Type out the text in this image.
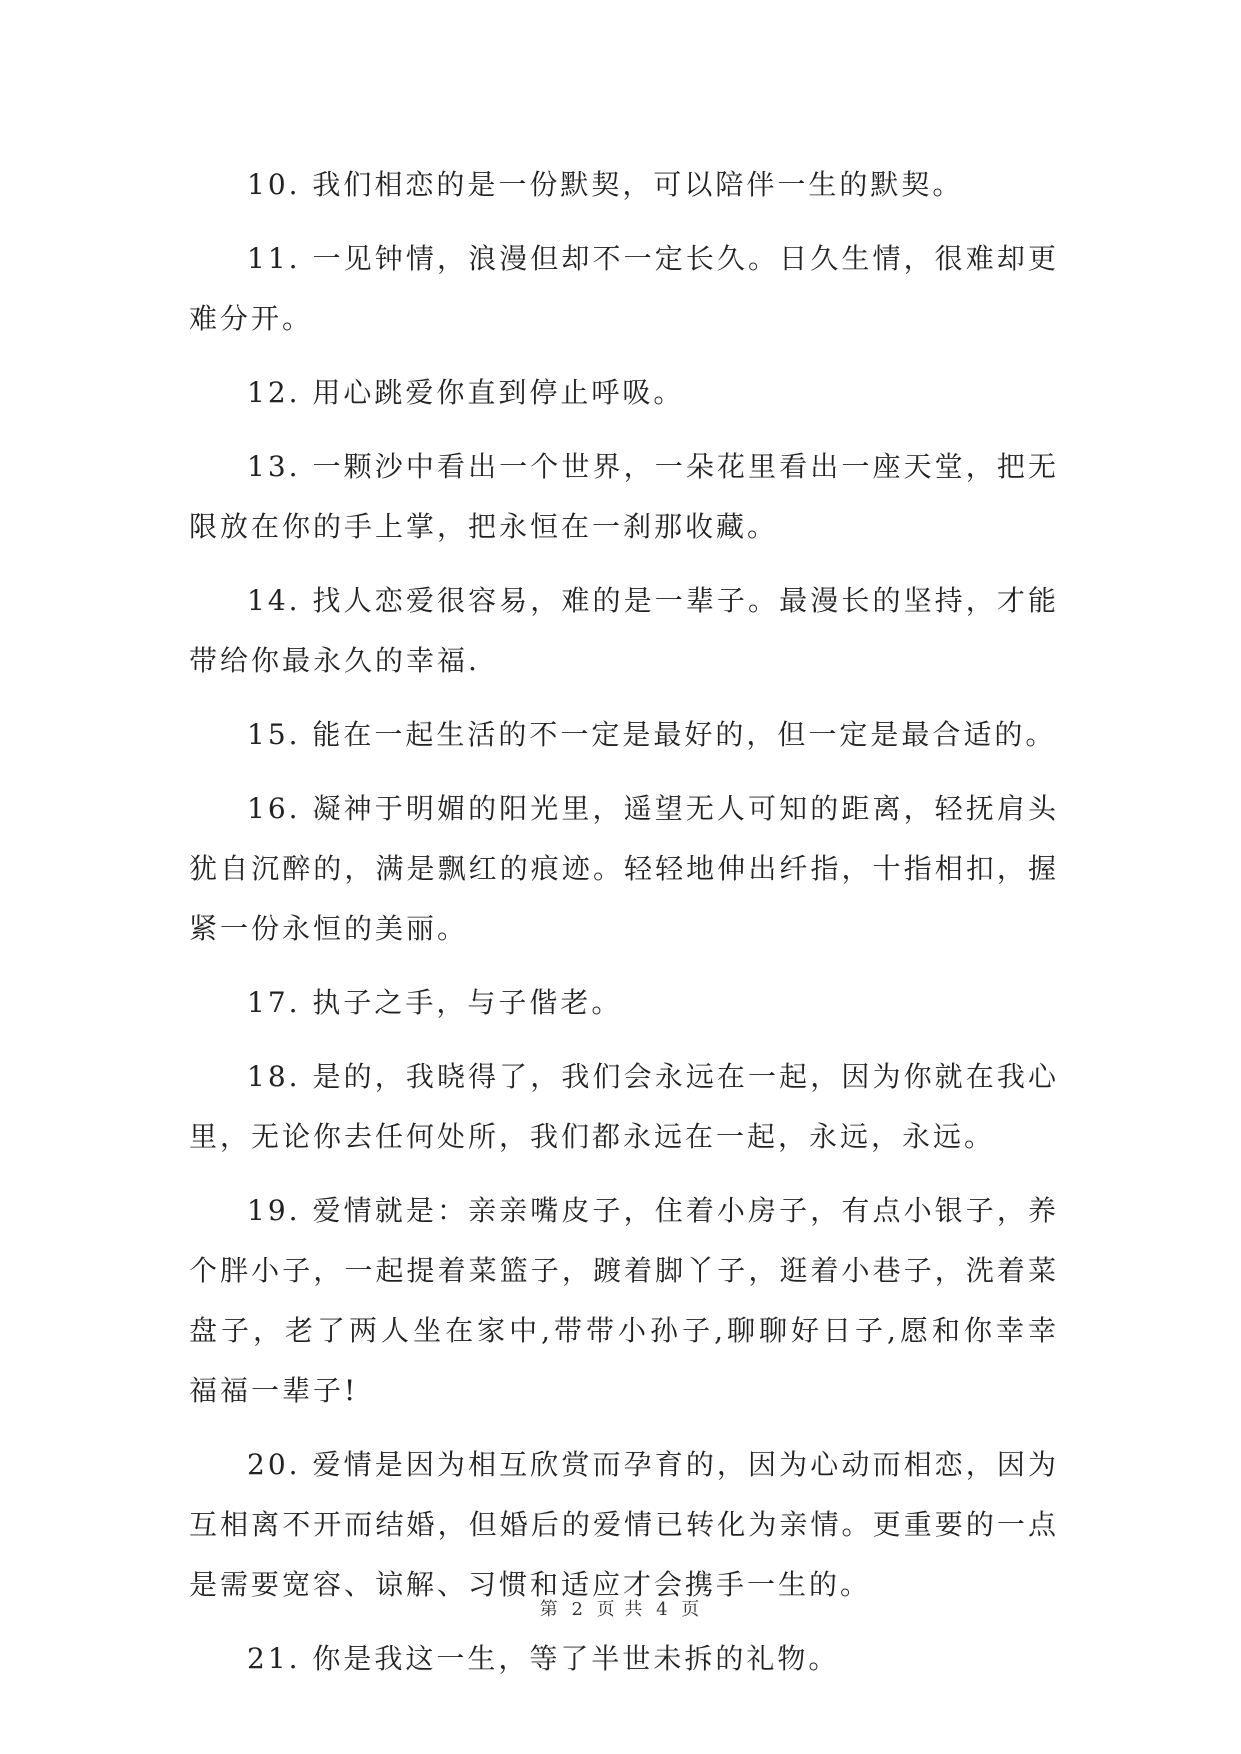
10. 我们相恋的是一份默契，可以陪伴一生的默契。

11. 一见钟情，浪漫但却不一定长久。日久生情，很难却更难分开。

12. 用心跳爱你直到停止呼吸。

13. 一颗沙中看出一个世界，一朵花里看出一座天堂，把无限放在你的手上掌，把永恒在一刹那收藏。

14. 找人恋爱很容易，难的是一辈子。最漫长的坚持，才能带给你最永久的幸福.

15. 能在一起生活的不一定是最好的，但一定是最合适的。

16. 凝神于明媚的阳光里，遥望无人可知的距离，轻抚肩头犹自沉醉的，满是飘红的痕迹。轻轻地伸出纤指，十指相扣，握紧一份永恒的美丽。

17. 执子之手，与子偕老。

18. 是的，我晓得了，我们会永远在一起，因为你就在我心里，无论你去任何处所，我们都永远在一起，永远，永远。

19. 爱情就是：亲亲嘴皮子，住着小房子，有点小银子，养个胖小子，一起提着菜篮子，踱着脚丫子，逛着小巷子，洗着菜盘子，老了两人坐在家中,带带小孙子,聊聊好日子,愿和你幸幸福福一辈子!

20. 爱情是因为相互欣赏而孕育的，因为心动而相恋，因为互相离不开而结婚，但婚后的爱情已转化为亲情。更重要的一点是需要宽容、谅解、习惯和适应才会携手一生的。

21. 你是我这一生，等了半世未拆的礼物。

第 2 页 共 4 页
